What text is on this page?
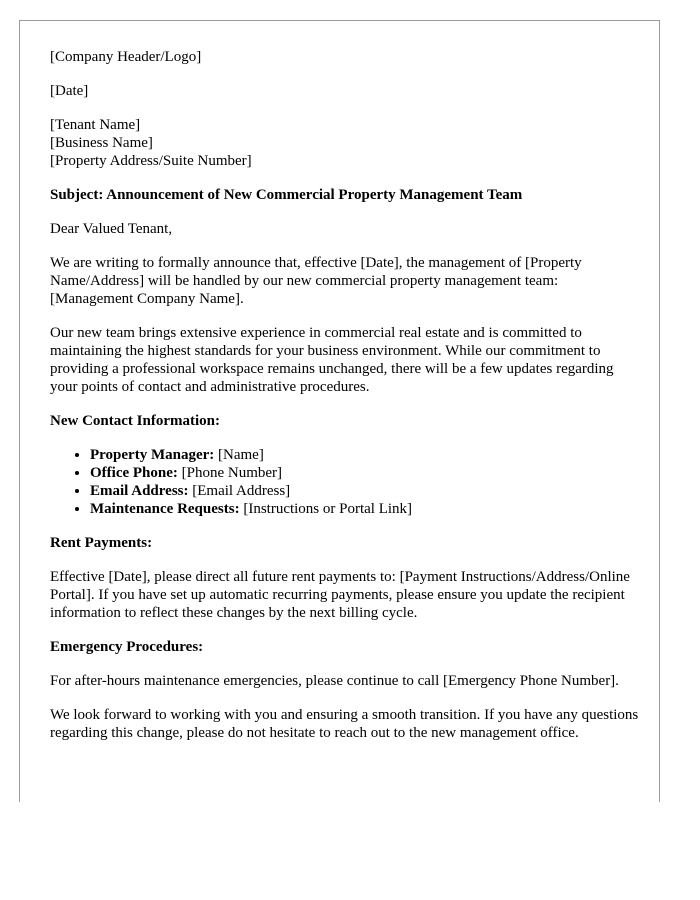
[Company Header/Logo]

[Date]

[Tenant Name]
[Business Name]
[Property Address/Suite Number]

Subject: Announcement of New Commercial Property Management Team

Dear Valued Tenant,

We are writing to formally announce that, effective [Date], the management of [Property Name/Address] will be handled by our new commercial property management team: [Management Company Name].

Our new team brings extensive experience in commercial real estate and is committed to maintaining the highest standards for your business environment. While our commitment to providing a professional workspace remains unchanged, there will be a few updates regarding your points of contact and administrative procedures.

New Contact Information:

• Property Manager: [Name]
• Office Phone: [Phone Number]
• Email Address: [Email Address]
• Maintenance Requests: [Instructions or Portal Link]

Rent Payments:

Effective [Date], please direct all future rent payments to: [Payment Instructions/Address/Online Portal]. If you have set up automatic recurring payments, please ensure you update the recipient information to reflect these changes by the next billing cycle.

Emergency Procedures:

For after-hours maintenance emergencies, please continue to call [Emergency Phone Number].

We look forward to working with you and ensuring a smooth transition. If you have any questions regarding this change, please do not hesitate to reach out to the new management office.
